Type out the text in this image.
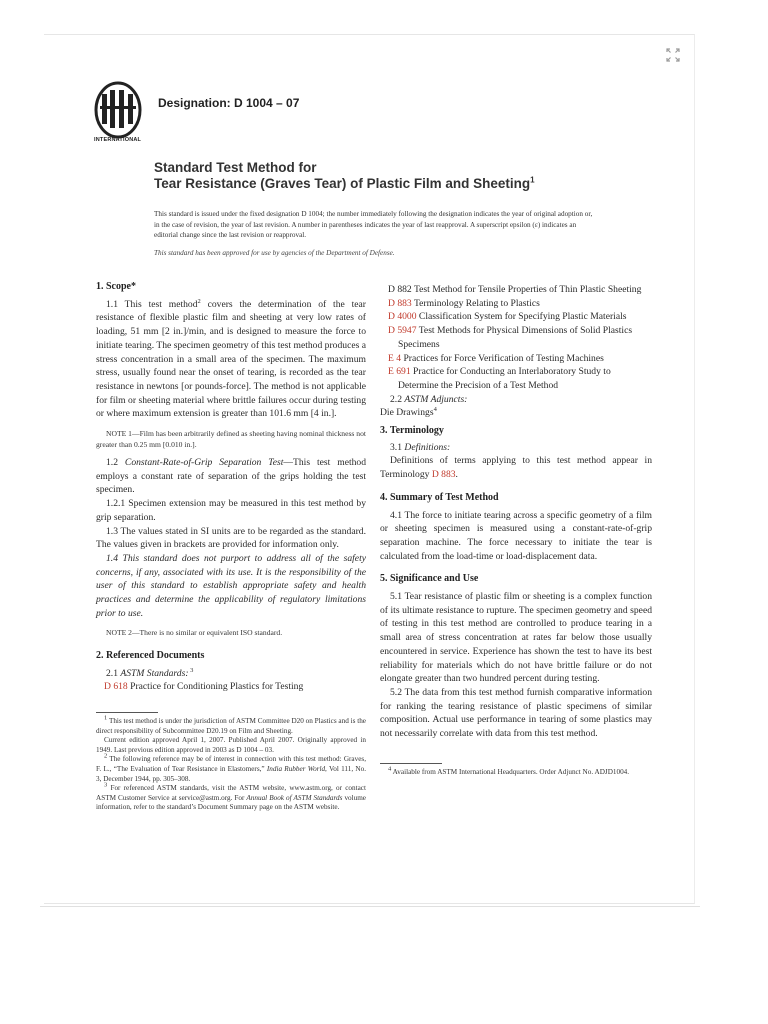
INTERNATIONAL
Designation: D 1004 – 07
Standard Test Method for
Tear Resistance (Graves Tear) of Plastic Film and Sheeting$^1$
This standard is issued under the fixed designation D 1004; the number immediately following the designation indicates the year of original adoption or, in the case of revision, the year of last revision. A number in parentheses indicates the year of last reapproval. A superscript epsilon (ε) indicates an editorial change since the last revision or reapproval.
This standard has been approved for use by agencies of the Department of Defense.
1. Scope*

1.1 This test method$^2$ covers the determination of the tear resistance of flexible plastic film and sheeting at very low rates of loading, 51 mm [2 in.]/min, and is designed to measure the force to initiate tearing. The specimen geometry of this test method produces a stress concentration in a small area of the specimen. The maximum stress, usually found near the onset of tearing, is recorded as the tear resistance in newtons [or pounds-force]. The method is not applicable for film or sheeting material where brittle failures occur during testing or where maximum extension is greater than 101.6 mm [4 in.].

NOTE 1—Film has been arbitrarily defined as sheeting having nominal thickness not greater than 0.25 mm [0.010 in.].

1.2 Constant-Rate-of-Grip Separation Test—This test method employs a constant rate of separation of the grips holding the test specimen.

1.2.1 Specimen extension may be measured in this test method by grip separation.

1.3 The values stated in SI units are to be regarded as the standard. The values given in brackets are provided for information only.

1.4 This standard does not purport to address all of the safety concerns, if any, associated with its use. It is the responsibility of the user of this standard to establish appropriate safety and health practices and determine the applicability of regulatory limitations prior to use.

NOTE 2—There is no similar or equivalent ISO standard.

2. Referenced Documents

2.1 ASTM Standards: $^3$

D 618 Practice for Conditioning Plastics for Testing

$^1$ This test method is under the jurisdiction of ASTM Committee D20 on Plastics and is the direct responsibility of Subcommittee D20.19 on Film and Sheeting.

Current edition approved April 1, 2007. Published April 2007. Originally approved in 1949. Last previous edition approved in 2003 as D 1004 – 03.

$^2$ The following reference may be of interest in connection with this test method: Graves, F. L., “The Evaluation of Tear Resistance in Elastomers,” India Rubber World, Vol 111, No. 3, December 1944, pp. 305–308.

$^3$ For referenced ASTM standards, visit the ASTM website, www.astm.org, or contact ASTM Customer Service at service@astm.org. For Annual Book of ASTM Standards volume information, refer to the standard’s Document Summary page on the ASTM website.

D 882 Test Method for Tensile Properties of Thin Plastic Sheeting

D 883 Terminology Relating to Plastics

D 4000 Classification System for Specifying Plastic Materials

D 5947 Test Methods for Physical Dimensions of Solid Plastics Specimens

E 4 Practices for Force Verification of Testing Machines

E 691 Practice for Conducting an Interlaboratory Study to Determine the Precision of a Test Method

2.2 ASTM Adjuncts:

Die Drawings$^4$

3. Terminology

3.1 Definitions:

Definitions of terms applying to this test method appear in Terminology D 883.

4. Summary of Test Method

4.1 The force to initiate tearing across a specific geometry of a film or sheeting specimen is measured using a constant-rate-of-grip separation machine. The force necessary to initiate the tear is calculated from the load-time or load-displacement data.

5. Significance and Use

5.1 Tear resistance of plastic film or sheeting is a complex function of its ultimate resistance to rupture. The specimen geometry and speed of testing in this test method are controlled to produce tearing in a small area of stress concentration at rates far below those usually encountered in service. Experience has shown the test to have its best reliability for materials which do not have brittle failure or do not elongate greater than two hundred percent during testing.

5.2 The data from this test method furnish comparative information for ranking the tearing resistance of plastic specimens of similar composition. Actual use performance in tearing of some plastics may not necessarily correlate with data from this test method.

$^4$ Available from ASTM International Headquarters. Order Adjunct No. ADJD1004.
